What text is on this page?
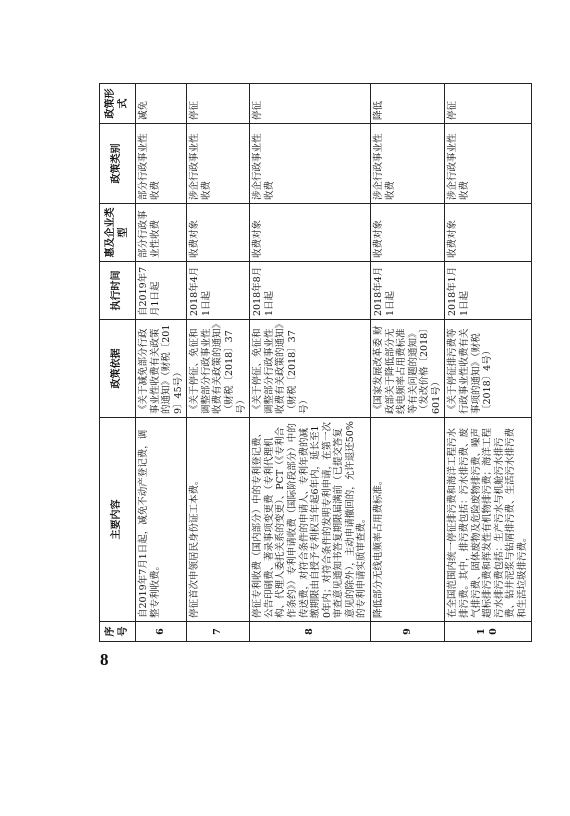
8
序号	主要内容	政策依据	执行时间	惠及企业类型	政策类别	政策形式
6	自2019年7月1日起，减免不动产登记费，调整专利收费。	《关于减免部分行政事业性收费有关政策的通知》（财税〔2019〕45号）	自2019年7月1日起	部分行政事业性收费	部分行政事业性收费	减免
7	停征首次申领居民身份证工本费。	《关于停征、免征和调整部分行政事业性收费有关政策的通知》（财税〔2018〕37号）	2018年4月1日起	收费对象	涉企行政事业性收费	停征
8	停征专利收费（国内部分）中的专利登记费、公告印刷费、著录事项变更费（专利代理机构、代理人委托关系的变更）、PCT（《专利合作条约》）专利申请收费（国际阶段部分）中的传送费，对符合条件的申请人、专利年费的减缴期限由自授予专利权当年起6年内，延长至10年内；对符合条件的发明专利申请，在第一次审查意见通知书答复期限届满前（已提交答复意见的除外），主动申请撤回的，允许退还50%的专利申请实质审查费。	《关于停征、免征和调整部分行政事业性收费有关政策的通知》（财税〔2018〕37号）	2018年8月1日起	收费对象	涉企行政事业性收费	停征
9	降低部分无线电频率占用费标准。	《国家发展改革委 财政部关于降低部分无线电频率占用费标准等有关问题的通知》（发改价格〔2018〕601号）	2018年4月1日起	收费对象	涉企行政事业性收费	降低
10	在全国范围内统一停征排污费和海洋工程污水排污费。其中，排污费包括：污水排污费、废气排污费、固体废物及危险废物排污费、噪声超标排污费和挥发性有机物排污费；海洋工程污水排污费包括：生产污水与机舱污水排污费、钻井泥浆与钻屑排污费、生活污水排污费和生活垃圾排污费。	《关于停征排污费等行政事业性收费有关事项的通知》（财税〔2018〕4号）	2018年1月1日起	收费对象	涉企行政事业性收费	停征
